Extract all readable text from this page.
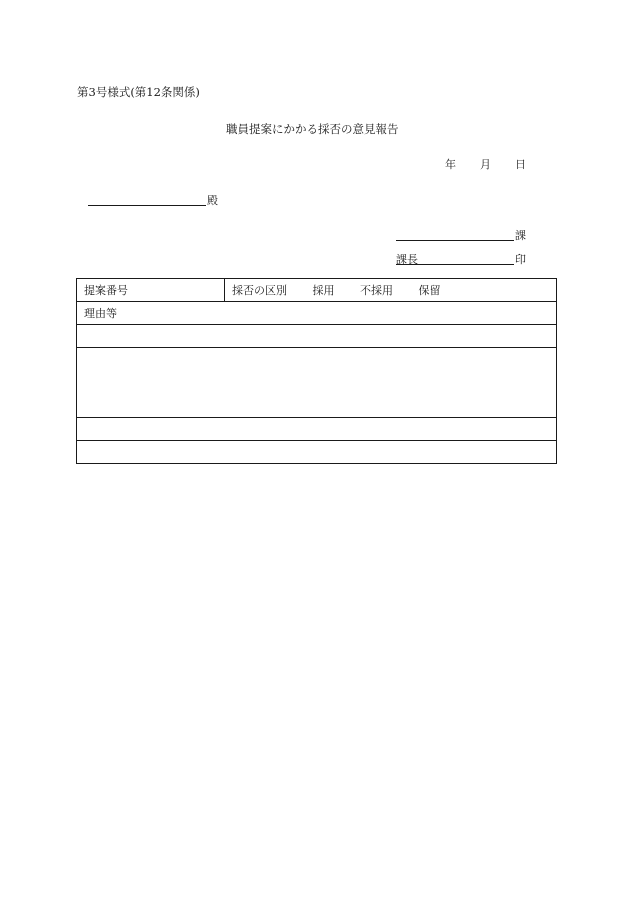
第3号様式(第12条関係)
職員提案にかかる採否の意見報告
年 月 日
殿
課
課長	印
提案番号	採否の区別 採用 不採用 保留
理由等
